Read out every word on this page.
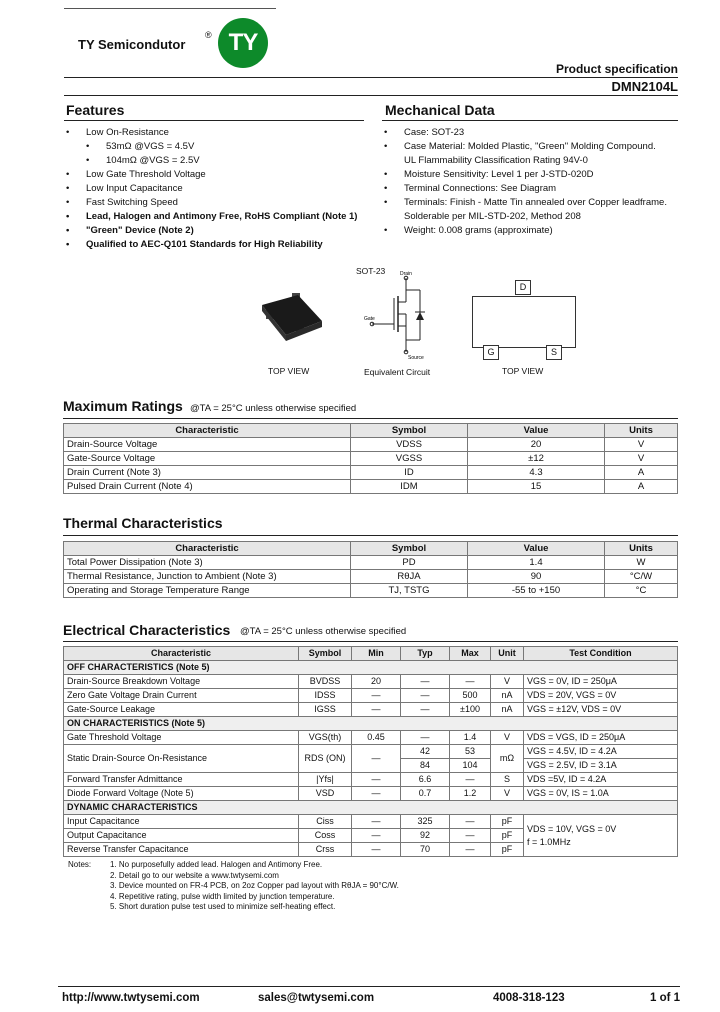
TY Semicondutor
® TY
Product specification
DMN2104L
Features
• Low On-Resistance
• 53mΩ @VGS = 4.5V
• 104mΩ @VGS = 2.5V
• Low Gate Threshold Voltage
• Low Input Capacitance
• Fast Switching Speed
• Lead, Halogen and Antimony Free, RoHS Compliant (Note 1)
• "Green" Device (Note 2)
• Qualified to AEC-Q101 Standards for High Reliability
Mechanical Data
• Case: SOT-23
• Case Material: Molded Plastic, "Green" Molding Compound.
UL Flammability Classification Rating 94V-0
• Moisture Sensitivity: Level 1 per J-STD-020D
• Terminal Connections: See Diagram
• Terminals: Finish - Matte Tin annealed over Copper leadframe.
Solderable per MIL-STD-202, Method 208
• Weight: 0.008 grams (approximate)
SOT-23
TOP VIEW
Drain
Gate
Source
Equivalent Circuit
D
G	S
TOP VIEW
Maximum Ratings @TA = 25°C unless otherwise specified
Characteristic	Symbol	Value	Units
Drain-Source Voltage	VDSS	20	V
Gate-Source Voltage	VGSS	±12	V
Drain Current (Note 3)	ID	4.3	A
Pulsed Drain Current (Note 4)	IDM	15	A
Thermal Characteristics
Characteristic	Symbol	Value	Units
Total Power Dissipation (Note 3)	PD	1.4	W
Thermal Resistance, Junction to Ambient (Note 3)	RθJA	90	°C/W
Operating and Storage Temperature Range	TJ, TSTG	-55 to +150	°C
Electrical Characteristics @TA = 25°C unless otherwise specified
Characteristic	Symbol	Min	Typ	Max	Unit	Test Condition
OFF CHARACTERISTICS (Note 5)						
Drain-Source Breakdown Voltage	BVDSS	20	—	—	V	VGS = 0V, ID = 250μA
Zero Gate Voltage Drain Current	IDSS	—	—	500	nA	VDS = 20V, VGS = 0V
Gate-Source Leakage	IGSS	—	—	±100	nA	VGS = ±12V, VDS = 0V
ON CHARACTERISTICS (Note 5)						
Gate Threshold Voltage	VGS(th)	0.45	—	1.4	V	VDS = VGS, ID = 250μA
Static Drain-Source On-Resistance	RDS (ON)	—	42	53	mΩ	VGS = 4.5V, ID = 4.2A
			84	104		VGS = 2.5V, ID = 3.1A
Forward Transfer Admittance	|Yfs|	—	6.6	—	S	VDS =5V, ID = 4.2A
Diode Forward Voltage (Note 5)	VSD	—	0.7	1.2	V	VGS = 0V, IS = 1.0A
DYNAMIC CHARACTERISTICS						
Input Capacitance	Ciss	—	325	—	pF	VDS = 10V, VGS = 0V
f = 1.0MHz

Output Capacitance	Coss	—	92	—	pF	
Reverse Transfer Capacitance	Crss	—	70	—	pF	
Notes: 1. No purposefully added lead. Halogen and Antimony Free.
2. Detail go to our website a www.twtysemi.com
3. Device mounted on FR-4 PCB, on 2oz Copper pad layout with RθJA = 90°C/W.
4. Repetitive rating, pulse width limited by junction temperature.
5. Short duration pulse test used to minimize self-heating effect.
http://www.twtysemi.com	sales@twtysemi.com	4008-318-123	1 of 1
